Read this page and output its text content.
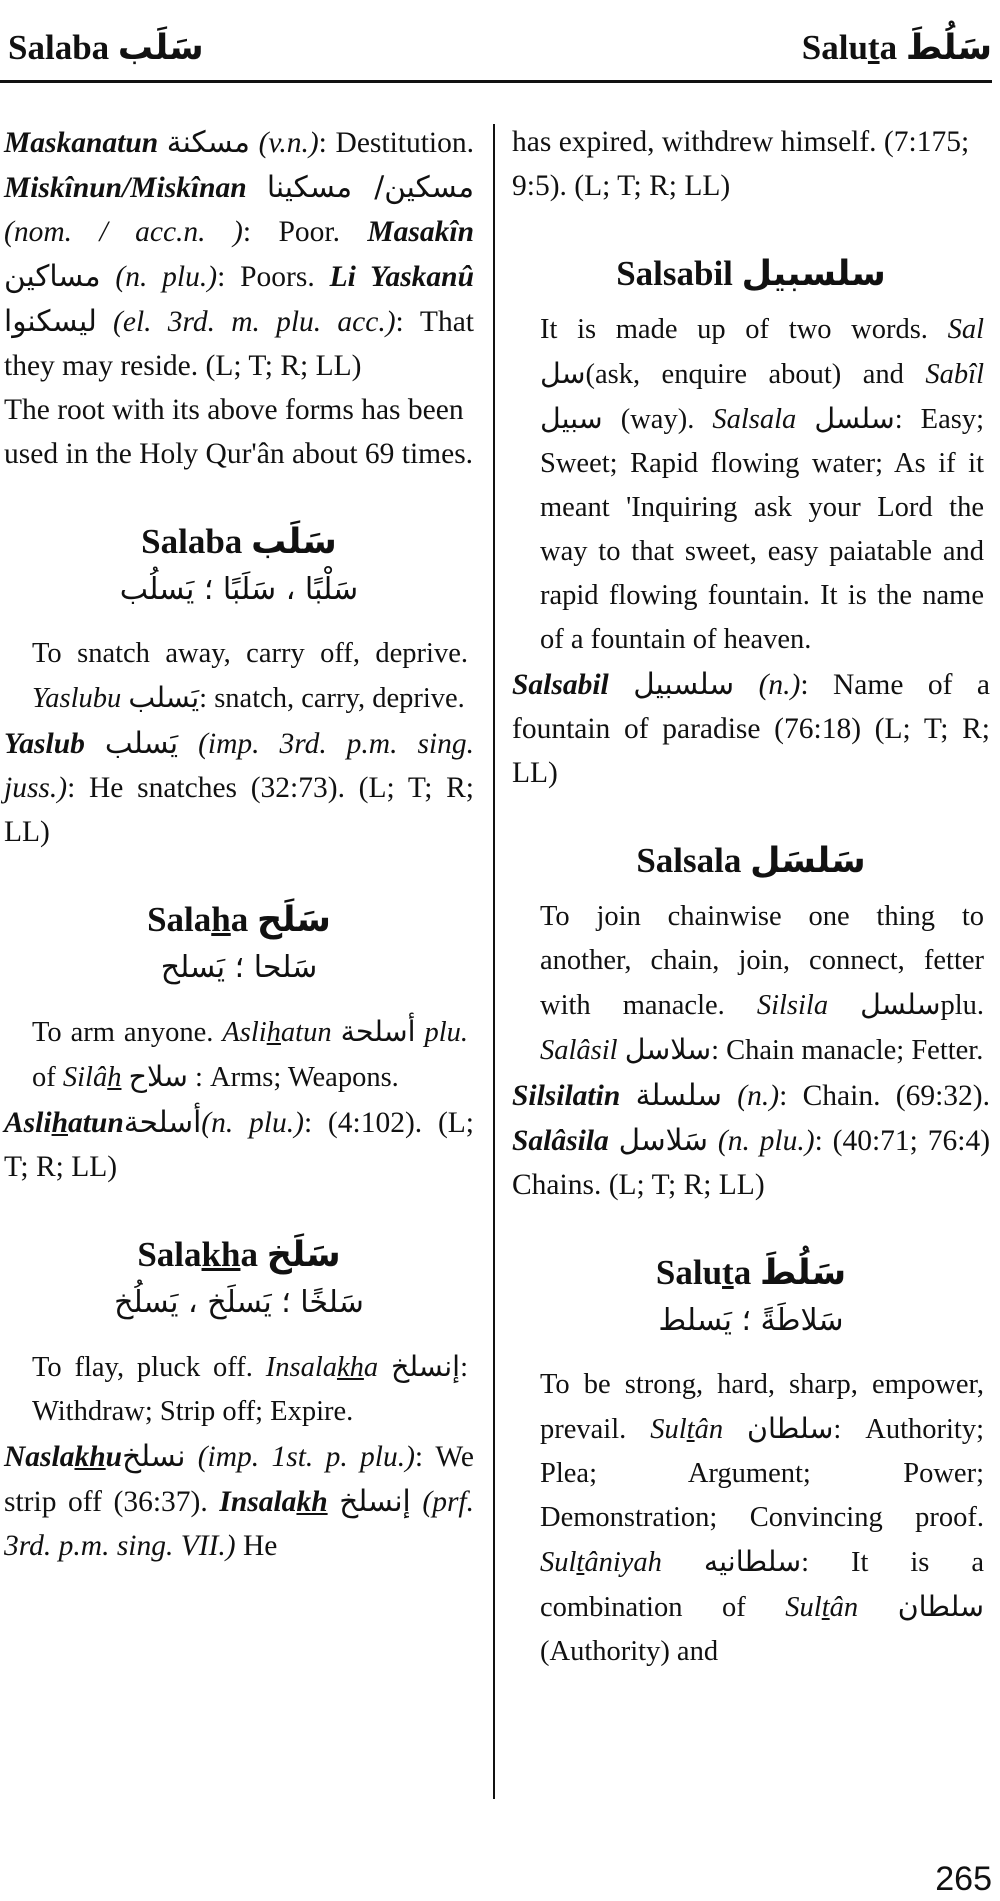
Salaba سَلَب	Saluta سَلُطَ

Maskanatun مسكنة (v.n.): Destitution. Miskînun/Miskînan مسكين/ مسكينا (nom. / acc.n. ): Poor. Masakîn مساكين (n. plu.): Poors. Li Yaskanû ليسكنوا (el. 3rd. m. plu. acc.): That they may reside. (L; T; R; LL)

The root with its above forms has been used in the Holy Qur'ân about 69 times.

Salaba سَلَب
سَلْبًا ، سَلَبًا ؛ يَسلُب

To snatch away, carry off, deprive. Yaslubu يَسلب: snatch, carry, deprive.

Yaslub يَسلب (imp. 3rd. p.m. sing. juss.): He snatches (32:73). (L; T; R; LL)

Salaha سَلَح
سَلحا ؛ يَسلح

To arm anyone. Aslihatun أسلحة plu. of Silâh سلاح : Arms; Weapons.

Aslihatunأسلحة(n. plu.): (4:102). (L; T; R; LL)

Salakha سَلَخ
سَلخًا ؛ يَسلَخ ، يَسلُخ

To flay, pluck off. Insalakha إنسلخ: Withdraw; Strip off; Expire.

Naslakhuنسلخ (imp. 1st. p. plu.): We strip off (36:37). Insalakh إنسلخ (prf. 3rd. p.m. sing. VII.) He

has expired, withdrew himself. (7:175; 9:5). (L; T; R; LL)

Salsabil سلسبيل

It is made up of two words. Sal سل(ask, enquire about) and Sabîl سبيل (way). Salsala سلسل: Easy; Sweet; Rapid flowing water; As if it meant 'Inquiring ask your Lord the way to that sweet, easy paiatable and rapid flowing fountain. It is the name of a fountain of heaven.

Salsabil سلسبيل (n.): Name of a fountain of paradise (76:18) (L; T; R; LL)

Salsala سَلسَل

To join chainwise one thing to another, chain, join, connect, fetter with manacle. Silsila سلسلplu. Salâsil سلاسل: Chain manacle; Fetter.

Silsilatin سلسلة (n.): Chain. (69:32). Salâsila سَلاسل (n. plu.): (40:71; 76:4) Chains. (L; T; R; LL)

Saluta سَلُطَ
سَلاطَةً ؛ يَسلط

To be strong, hard, sharp, empower, prevail. Sultân سلطان: Authority; Plea; Argument; Power; Demonstration; Convincing proof. Sultâniyah سلطانيه: It is a combination of Sultân سلطان (Authority) and

265
